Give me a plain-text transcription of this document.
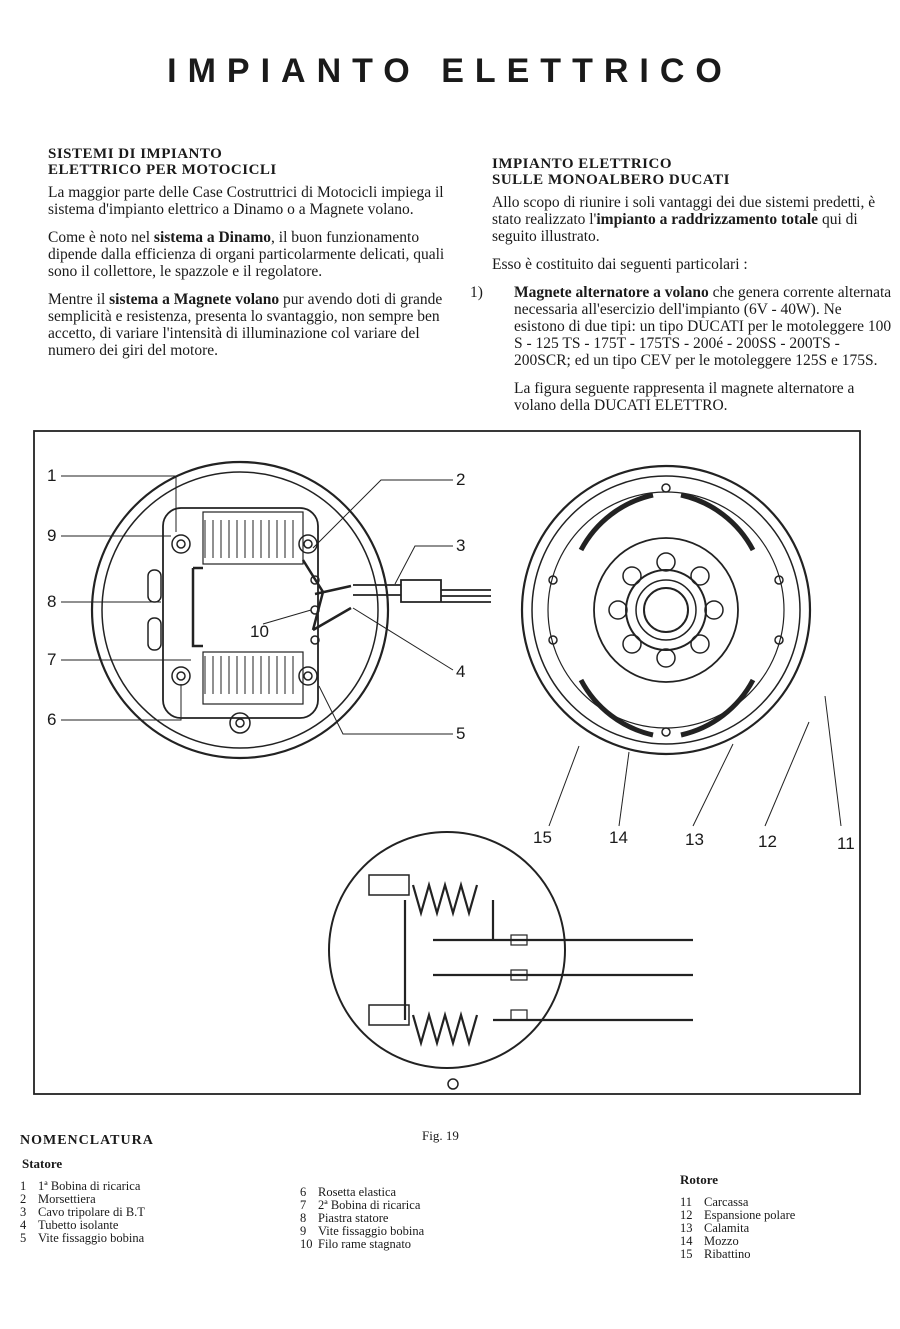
IMPIANTO ELETTRICO
SISTEMI DI IMPIANTO
ELETTRICO PER MOTOCICLI

La maggior parte delle Case Costruttrici di Motocicli impiega il sistema d'impianto elettrico a Dinamo o a Magnete volano.

Come è noto nel sistema a Dinamo, il buon funzionamento dipende dalla efficienza di organi particolarmente delicati, quali sono il collettore, le spazzole e il regolatore.

Mentre il sistema a Magnete volano pur avendo doti di grande semplicità e resistenza, presenta lo svantaggio, non sempre ben accetto, di variare l'intensità di illuminazione col variare del numero dei giri del motore.

IMPIANTO ELETTRICO
SULLE MONOALBERO DUCATI

Allo scopo di riunire i soli vantaggi dei due sistemi predetti, è stato realizzato l'impianto a raddrizzamento totale qui di seguito illustrato.

Esso è costituito dai seguenti particolari :

1) Magnete alternatore a volano che genera corrente alternata necessaria all'esercizio dell'impianto (6V - 40W). Ne esistono di due tipi: un tipo DUCATI per le motoleggere 100 S - 125 TS - 175T - 175TS - 200é - 200SS - 200TS - 200SCR; ed un tipo CEV per le motoleggere 125S e 175S.

La figura seguente rappresenta il magnete alternatore a volano della DUCATI ELETTRO.

1
9
8
7
6
2
3
4
5
10
15	14	13	12	11
Fig. 19
NOMENCLATURA
Statore
1 1ª Bobina di ricarica
2 Morsettiera
3 Cavo tripolare di B.T
4 Tubetto isolante
5 Vite fissaggio bobina
6 Rosetta elastica
7 2ª Bobina di ricarica
8 Piastra statore
9 Vite fissaggio bobina
10 Filo rame stagnato
Rotore
11 Carcassa
12 Espansione polare
13 Calamita
14 Mozzo
15 Ribattino
